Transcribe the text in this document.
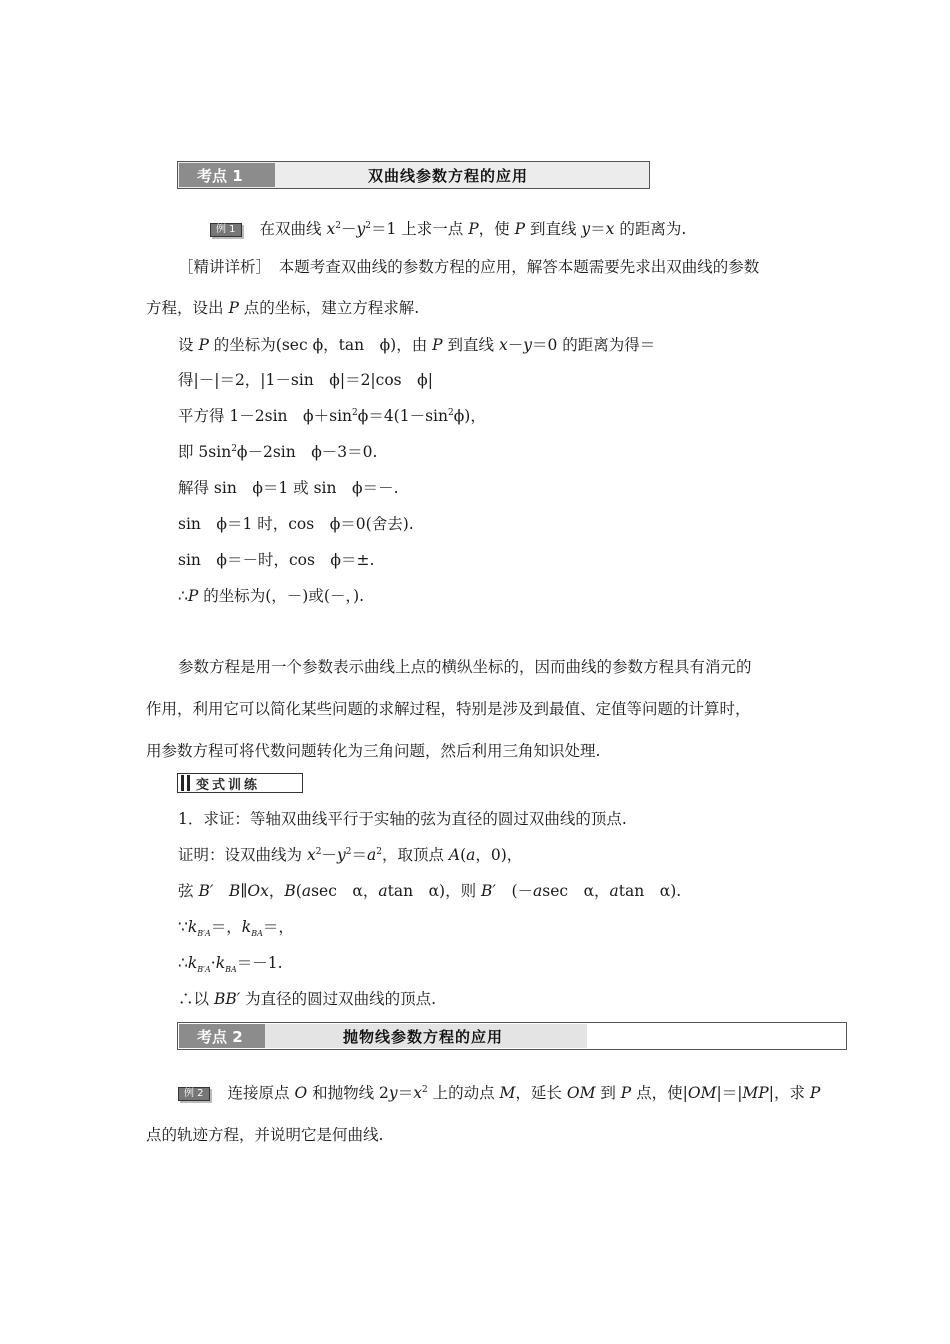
考点 1	双曲线参数方程的应用
例 1 在双曲线 $x^2-y^2=1$ 上求一点 P，使 P 到直线 y＝x 的距离为.
［精讲详析］　本题考查双曲线的参数方程的应用，解答本题需要先求出双曲线的参数
方程，设出 P 点的坐标，建立方程求解.
设 P 的坐标为(sec ϕ，tan　ϕ)，由 P 到直线 x－y＝0 的距离为得＝
得|－|＝2，|1－sin　ϕ|＝2|cos　ϕ|
平方得 1－2sin　$\phi+\sin^2\phi=4(1-\sin^2\phi)$，
即 $5\sin^2\phi-2\sin$　ϕ－3＝0.
解得 sin　ϕ＝1 或 sin　ϕ＝－.
sin　ϕ＝1 时，cos　ϕ＝0(舍去).
sin　ϕ＝－时，cos　ϕ＝±.
∴P 的坐标为(，－)或(－，).
参数方程是用一个参数表示曲线上点的横纵坐标的，因而曲线的参数方程具有消元的
作用，利用它可以简化某些问题的求解过程，特别是涉及到最值、定值等问题的计算时，
用参数方程可将代数问题转化为三角问题，然后利用三角知识处理.
变式训练
1．求证：等轴双曲线平行于实轴的弦为直径的圆过双曲线的顶点.
证明：设双曲线为 $x^2-y^2=a^2$，取顶点 A(a，0)，
弦 B′　B∥Ox，B(asec　α，atan　α)，则 B′　(－asec　α，atan　α).
$\because k_{B'A}=$，$k_{BA}=$，
$\therefore k_{B'A}\cdot k_{BA}=-1$.
∴以 BB′ 为直径的圆过双曲线的顶点.
考点 2	抛物线参数方程的应用
例 2 连接原点 O 和抛物线 $2y=x^2$ 上的动点 M，延长 OM 到 P 点，使|OM|＝|MP|，求 P
点的轨迹方程，并说明它是何曲线.
